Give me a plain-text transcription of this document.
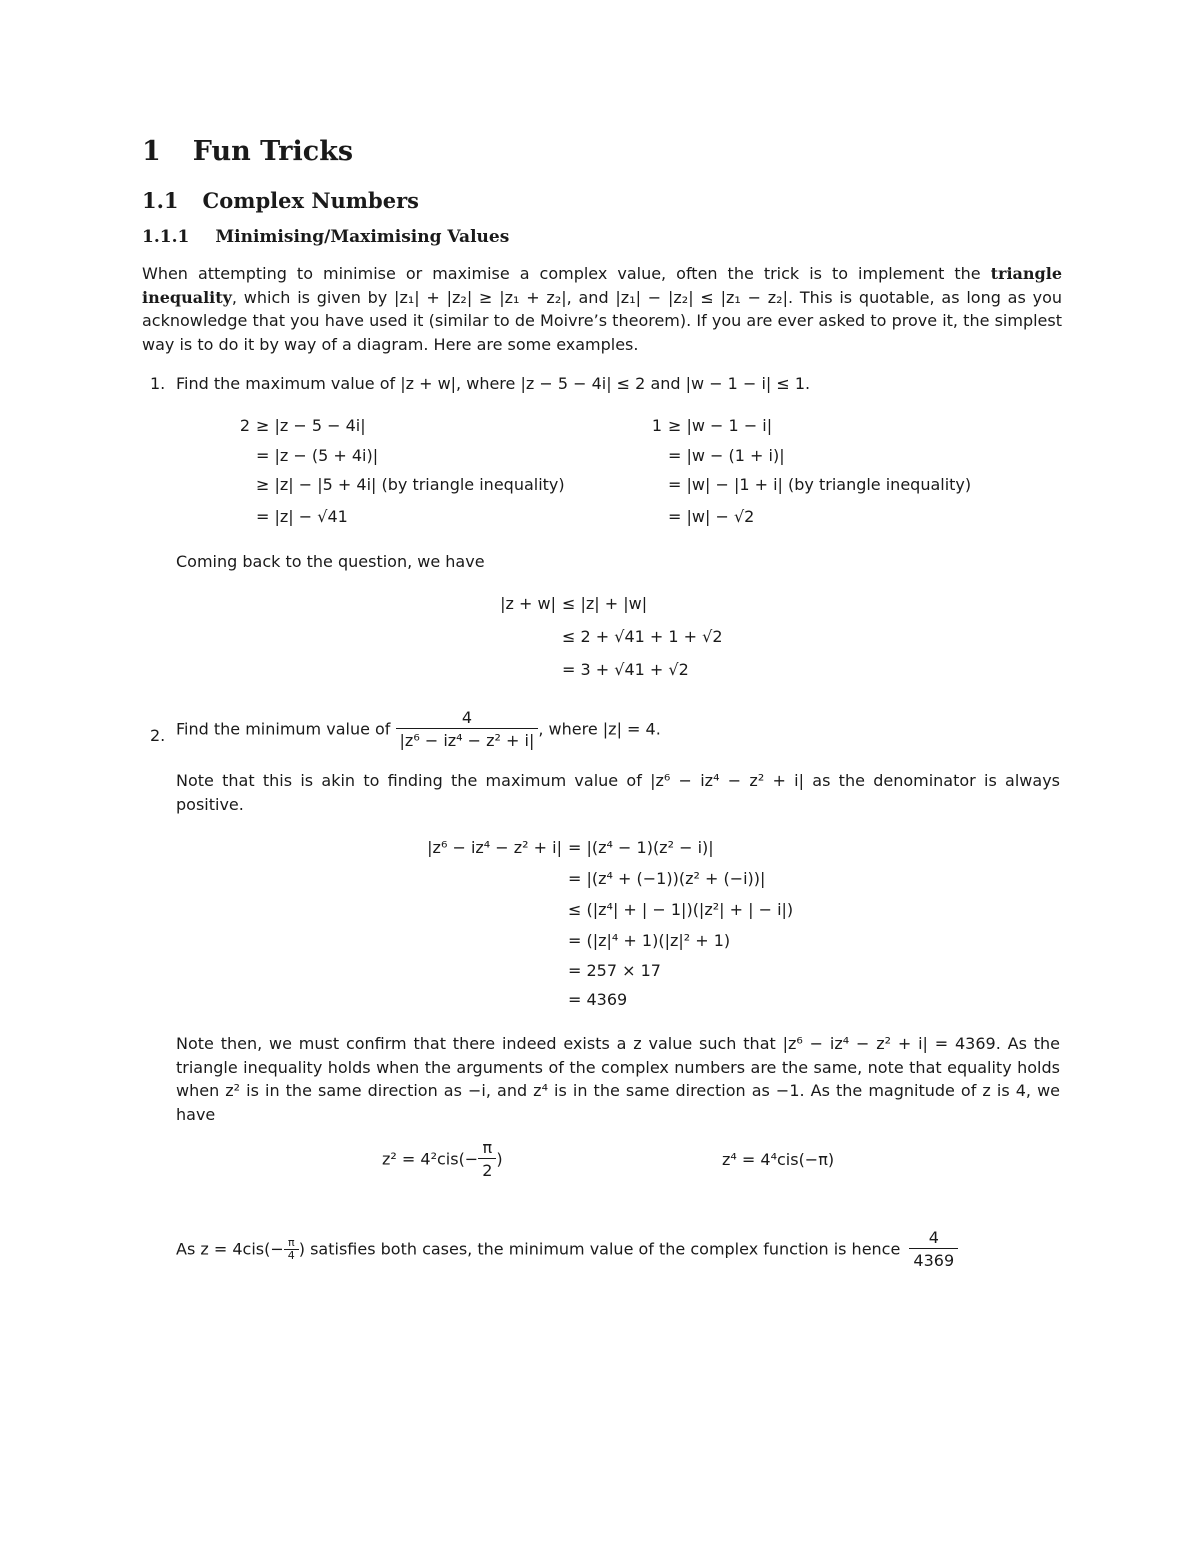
1 Fun Tricks
1.1 Complex Numbers
1.1.1 Minimising/Maximising Values
When attempting to minimise or maximise a complex value, often the trick is to implement the triangle inequality, which is given by |z₁| + |z₂| ≥ |z₁ + z₂|, and |z₁| − |z₂| ≤ |z₁ − z₂|. This is quotable, as long as you acknowledge that you have used it (similar to de Moivre’s theorem). If you are ever asked to prove it, the simplest way is to do it by way of a diagram. Here are some examples.
1. Find the maximum value of |z + w|, where |z − 5 − 4i| ≤ 2 and |w − 1 − i| ≤ 1.
2 ≥ |z − 5 − 4i|
= |z − (5 + 4i)|
≥ |z| − |5 + 4i| (by triangle inequality)
= |z| − √41
1 ≥ |w − 1 − i|
= |w − (1 + i)|
= |w| − |1 + i| (by triangle inequality)
= |w| − √2
Coming back to the question, we have
|z + w| ≤ |z| + |w|
≤ 2 + √41 + 1 + √2
= 3 + √41 + √2
2. Find the minimum value of $\frac{4}{\text{|z⁶ − iz⁴ − z² + i|}}$ , where |z| = 4.
Note that this is akin to finding the maximum value of |z⁶ − iz⁴ − z² + i| as the denominator is always positive.
|z⁶ − iz⁴ − z² + i| = |(z⁴ − 1)(z² − i)|
= |(z⁴ + (−1))(z² + (−i))|
≤ (|z⁴| + | − 1|)(|z²| + | − i|)
= (|z|⁴ + 1)(|z|² + 1)
= 257 × 17
= 4369
Note then, we must confirm that there indeed exists a z value such that |z⁶ − iz⁴ − z² + i| = 4369. As the triangle inequality holds when the arguments of the complex numbers are the same, note that equality holds when z² is in the same direction as −i, and z⁴ is in the same direction as −1. As the magnitude of z is 4, we have
$z^2 = 4^2cis(- \frac{\pi}{2}$ )	z⁴ = 4⁴cis(−π)
As $z = 4cis(- \frac{\pi}{4}$ ) satisfies both cases, the minimum value of the complex function is hence $\frac{4}{4369}$
